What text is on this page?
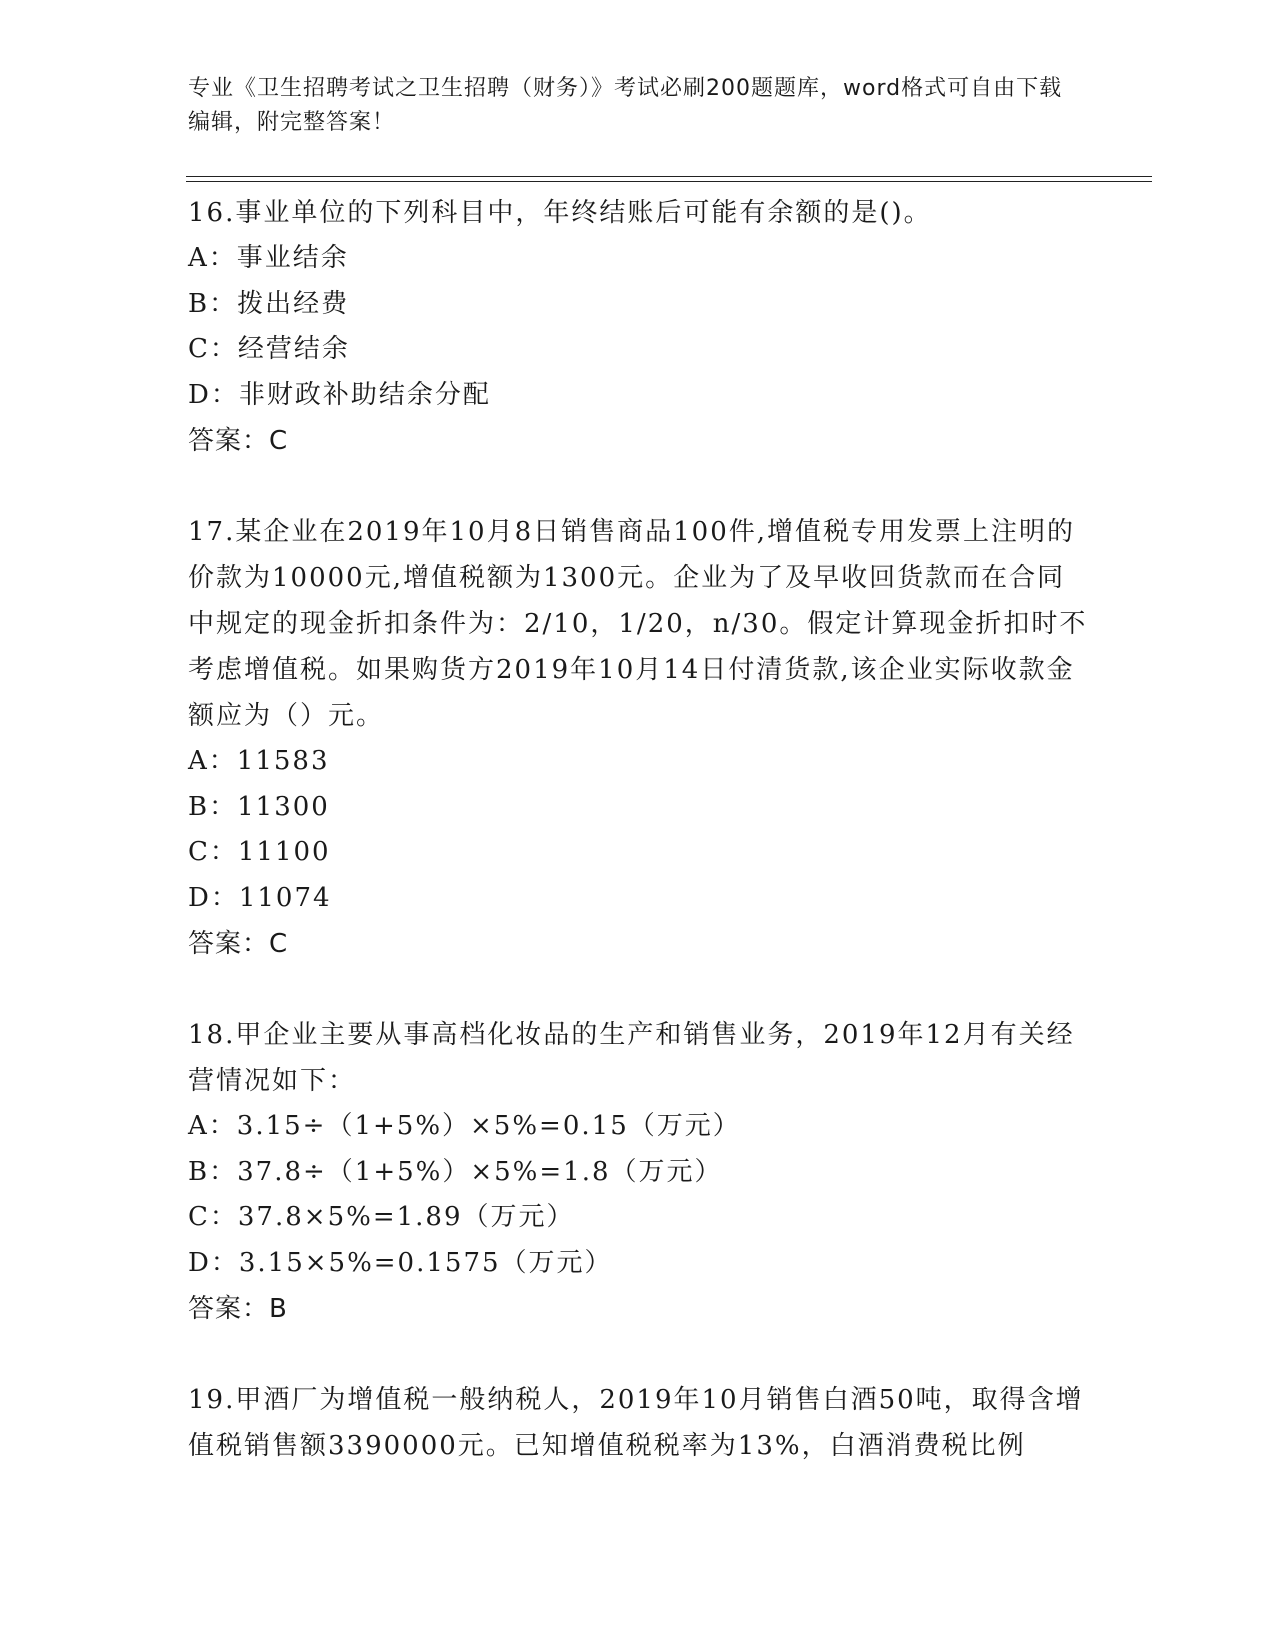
专业《卫生招聘考试之卫生招聘（财务）》考试必刷200题题库，word格式可自由下载编辑，附完整答案！
16.事业单位的下列科目中，年终结账后可能有余额的是()。
A：事业结余
B：拨出经费
C：经营结余
D：非财政补助结余分配
答案：C
17.某企业在2019年10月8日销售商品100件,增值税专用发票上注明的价款为10000元,增值税额为1300元。企业为了及早收回货款而在合同中规定的现金折扣条件为：2/10，1/20，n/30。假定计算现金折扣时不考虑增值税。如果购货方2019年10月14日付清货款,该企业实际收款金额应为（）元。
A：11583
B：11300
C：11100
D：11074
答案：C
18.甲企业主要从事高档化妆品的生产和销售业务，2019年12月有关经营情况如下：
A：3.15÷（1+5%）×5%=0.15（万元）
B：37.8÷（1+5%）×5%=1.8（万元）
C：37.8×5%=1.89（万元）
D：3.15×5%=0.1575（万元）
答案：B
19.甲酒厂为增值税一般纳税人，2019年10月销售白酒50吨，取得含增值税销售额3390000元。已知增值税税率为13%，白酒消费税比例
